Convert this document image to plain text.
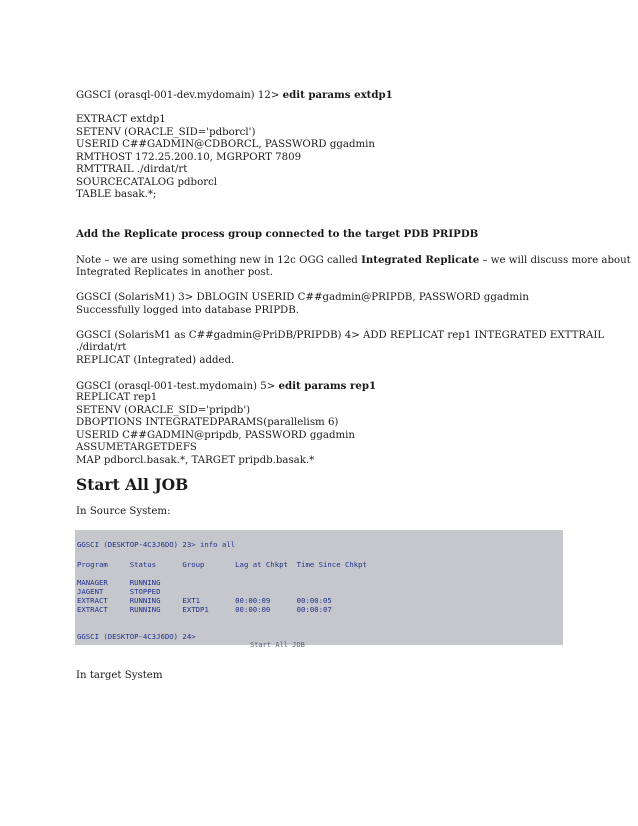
GGSCI (orasql-001-dev.mydomain) 12> edit params extdp1
EXTRACT extdp1
SETENV (ORACLE_SID='pdborcl')
USERID C##GADMIN@CDBORCL, PASSWORD ggadmin
RMTHOST 172.25.200.10, MGRPORT 7809
RMTTRAIL ./dirdat/rt
SOURCECATALOG pdborcl
TABLE basak.*;
Add the Replicate process group connected to the target PDB PRIPDB
Note – we are using something new in 12c OGG called Integrated Replicate – we will discuss more about
Integrated Replicates in another post.
GGSCI (SolarisM1) 3> DBLOGIN USERID C##gadmin@PRIPDB, PASSWORD ggadmin
Successfully logged into database PRIPDB.
GGSCI (SolarisM1 as C##gadmin@PriDB/PRIPDB) 4> ADD REPLICAT rep1 INTEGRATED EXTTRAIL
./dirdat/rt
REPLICAT (Integrated) added.
GGSCI (orasql-001-test.mydomain) 5> edit params rep1
REPLICAT rep1
SETENV (ORACLE_SID='pripdb')
DBOPTIONS INTEGRATEDPARAMS(parallelism 6)
USERID C##GADMIN@pripdb, PASSWORD ggadmin
ASSUMETARGETDEFS
MAP pdborcl.basak.*, TARGET pripdb.basak.*
Start All JOB
In Source System:
In target System
GGSCI (DESKTOP-4C3J6DO) 23> info all
Program     Status      Group       Lag at Chkpt  Time Since Chkpt
MANAGER     RUNNING
JAGENT      STOPPED
EXTRACT     RUNNING     EXT1        00:00:09      00:00:05
EXTRACT     RUNNING     EXTDP1      00:00:00      00:00:07
GGSCI (DESKTOP-4C3J6DO) 24>
Start All JOB
